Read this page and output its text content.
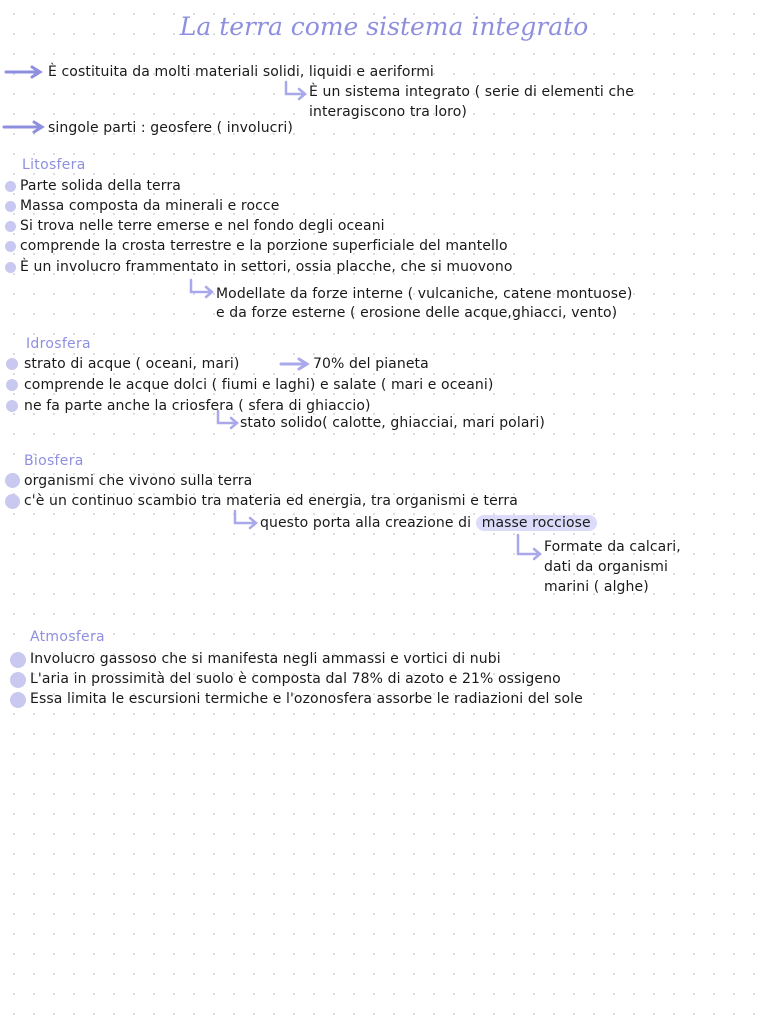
La terra come sistema integrato
È costituita da molti materiali solidi, liquidi e aeriformi
È un sistema integrato ( serie di elementi che
interagiscono tra loro)
singole parti : geosfere ( involucri)
Litosfera
Parte solida della terra
Massa composta da minerali e rocce
Si trova nelle terre emerse e nel fondo degli oceani
comprende la crosta terrestre e la porzione superficiale del mantello
È un involucro frammentato in settori, ossia placche, che si muovono
Modellate da forze interne ( vulcaniche, catene montuose)
e da forze esterne ( erosione delle acque,ghiacci, vento)
Idrosfera
strato di acque ( oceani, mari)	70% del pianeta
comprende le acque dolci ( fiumi e laghi) e salate ( mari e oceani)
ne fa parte anche la criosfera ( sfera di ghiaccio)
stato solido( calotte, ghiacciai, mari polari)
Biosfera
organismi che vivono sulla terra
c'è un continuo scambio tra materia ed energia, tra organismi e terra
questo porta alla creazione di masse rocciose
Formate da calcari,
dati da organismi
marini ( alghe)
Atmosfera
Involucro gassoso che si manifesta negli ammassi e vortici di nubi
L'aria in prossimità del suolo è composta dal 78% di azoto e 21% ossigeno
Essa limita le escursioni termiche e l'ozonosfera assorbe le radiazioni del sole
